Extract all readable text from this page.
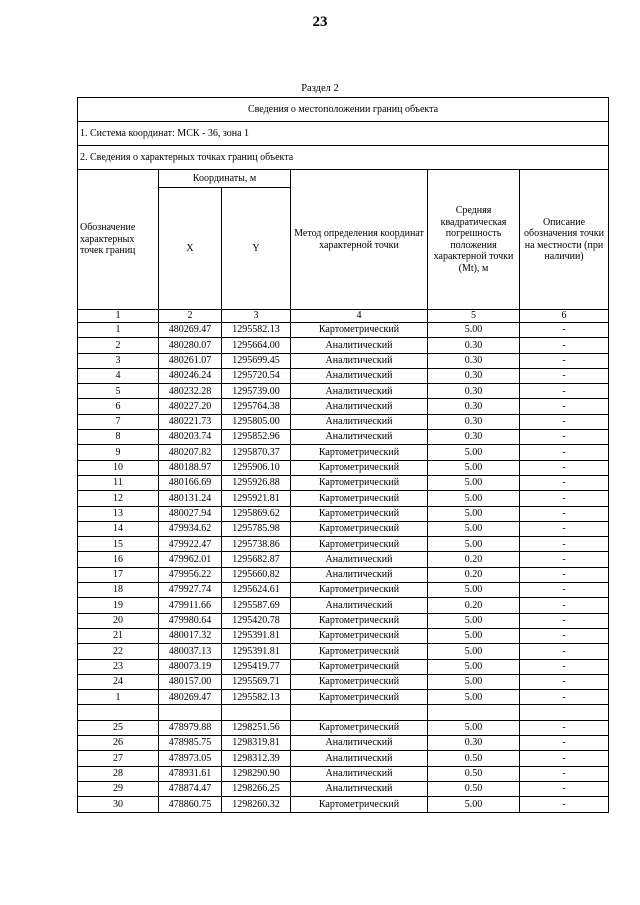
23
Раздел 2
Сведения о местоположении границ объекта					
1. Система координат: МСК - 36, зона 1					
2. Сведения о характерных точках границ объекта					
Обозначение характерных точек границ	Координаты, м		Метод определения координат характерной точки	Средняя квадратическая погрешность положения характерной точки (Mt), м	Описание обозначения точки на местности (при наличии)
	X	Y			
1	2	3	4	5	6
1	480269.47	1295582.13	Картометрический	5.00	-
2	480280.07	1295664.00	Аналитический	0.30	-
3	480261.07	1295699.45	Аналитический	0.30	-
4	480246.24	1295720.54	Аналитический	0.30	-
5	480232.28	1295739.00	Аналитический	0.30	-
6	480227.20	1295764.38	Аналитический	0.30	-
7	480221.73	1295805.00	Аналитический	0.30	-
8	480203.74	1295852.96	Аналитический	0.30	-
9	480207.82	1295870.37	Картометрический	5.00	-
10	480188.97	1295906.10	Картометрический	5.00	-
11	480166.69	1295926.88	Картометрический	5.00	-
12	480131.24	1295921.81	Картометрический	5.00	-
13	480027.94	1295869.62	Картометрический	5.00	-
14	479934.62	1295785.98	Картометрический	5.00	-
15	479922.47	1295738.86	Картометрический	5.00	-
16	479962.01	1295682.87	Аналитический	0.20	-
17	479956.22	1295660.82	Аналитический	0.20	-
18	479927.74	1295624.61	Картометрический	5.00	-
19	479911.66	1295587.69	Аналитический	0.20	-
20	479980.64	1295420.78	Картометрический	5.00	-
21	480017.32	1295391.81	Картометрический	5.00	-
22	480037.13	1295391.81	Картометрический	5.00	-
23	480073.19	1295419.77	Картометрический	5.00	-
24	480157.00	1295569.71	Картометрический	5.00	-
1	480269.47	1295582.13	Картометрический	5.00	-

25	478979.88	1298251.56	Картометрический	5.00	-
26	478985.75	1298319.81	Аналитический	0.30	-
27	478973.05	1298312.39	Аналитический	0.50	-
28	478931.61	1298290.90	Аналитический	0.50	-
29	478874.47	1298266.25	Аналитический	0.50	-
30	478860.75	1298260.32	Картометрический	5.00	-
